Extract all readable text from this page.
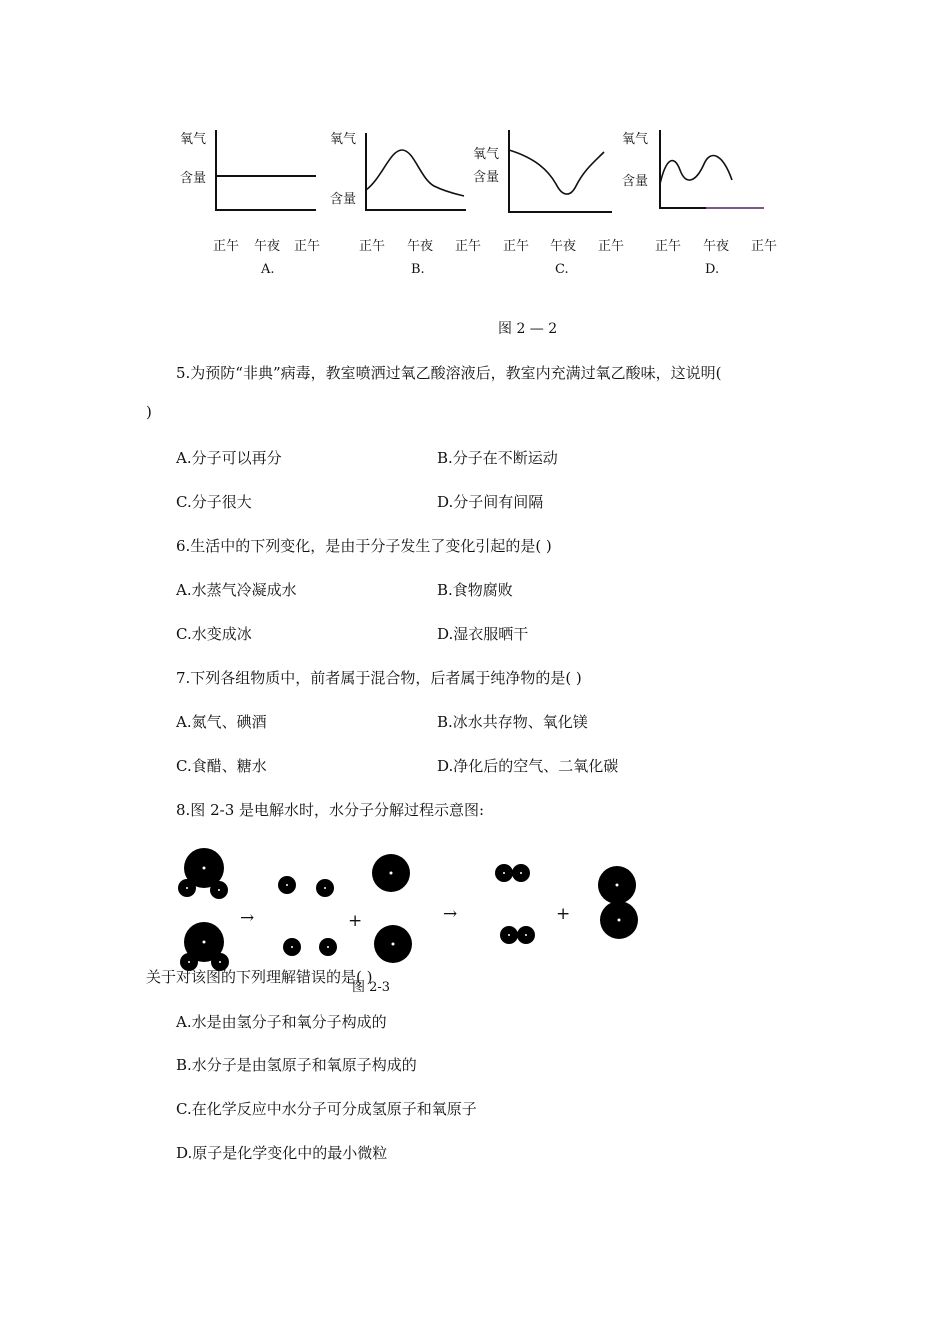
氧气
含量
氧气
含量
氧气
含量
氧气
含量
正午 午夜 正午	正午 午夜 正午 正午 午夜 正午 正午 午夜 正午
A.	B.	C.	D.
图 2 — 2
5.为预防“非典”病毒，教室喷洒过氧乙酸溶液后，教室内充满过氧乙酸味，这说明(
)
A.分子可以再分	B.分子在不断运动
C.分子很大	D.分子间有间隔
6.生活中的下列变化，是由于分子发生了变化引起的是( )
A.水蒸气冷凝成水	B.食物腐败
C.水变成冰	D.湿衣服晒干
7.下列各组物质中，前者属于混合物，后者属于纯净物的是( )
A.氮气、碘酒	B.冰水共存物、氧化镁
C.食醋、糖水	D.净化后的空气、二氧化碳
8.图 2-3 是电解水时，水分子分解过程示意图:
→	+	→	+
关于对该图的下列理解错误的是( )
图 2-3
A.水是由氢分子和氧分子构成的
B.水分子是由氢原子和氧原子构成的
C.在化学反应中水分子可分成氢原子和氧原子
D.原子是化学变化中的最小微粒
